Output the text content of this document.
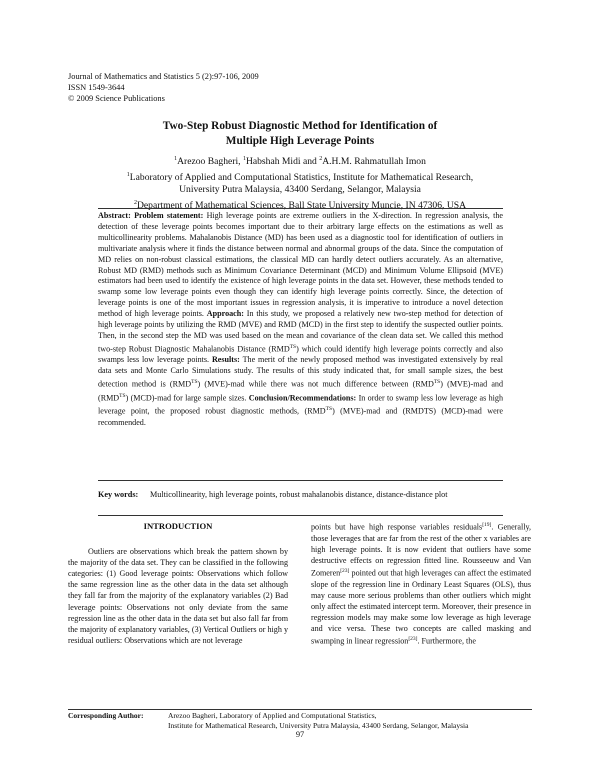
Journal of Mathematics and Statistics 5 (2):97-106, 2009
ISSN 1549-3644
© 2009 Science Publications
Two-Step Robust Diagnostic Method for Identification of
Multiple High Leverage Points
$^1$Arezoo Bagheri, $^1$Habshah Midi and $^2$A.H.M. Rahmatullah Imon
$^1$Laboratory of Applied and Computational Statistics, Institute for Mathematical Research,
University Putra Malaysia, 43400 Serdang, Selangor, Malaysia
$^2$Department of Mathematical Sciences, Ball State University Muncie, IN 47306, USA
Abstract: Problem statement: High leverage points are extreme outliers in the X-direction. In regression analysis, the detection of these leverage points becomes important due to their arbitrary large effects on the estimations as well as multicollinearity problems. Mahalanobis Distance (MD) has been used as a diagnostic tool for identification of outliers in multivariate analysis where it finds the distance between normal and abnormal groups of the data. Since the computation of MD relies on non-robust classical estimations, the classical MD can hardly detect outliers accurately. As an alternative, Robust MD (RMD) methods such as Minimum Covariance Determinant (MCD) and Minimum Volume Ellipsoid (MVE) estimators had been used to identify the existence of high leverage points in the data set. However, these methods tended to swamp some low leverage points even though they can identify high leverage points correctly. Since, the detection of leverage points is one of the most important issues in regression analysis, it is imperative to introduce a novel detection method of high leverage points. Approach: In this study, we proposed a relatively new two-step method for detection of high leverage points by utilizing the RMD (MVE) and RMD (MCD) in the first step to identify the suspected outlier points. Then, in the second step the MD was used based on the mean and covariance of the clean data set. We called this method two-step Robust Diagnostic Mahalanobis Distance $(RMD^{TS})$ which could identify high leverage points correctly and also swamps less low leverage points. Results: The merit of the newly proposed method was investigated extensively by real data sets and Monte Carlo Simulations study. The results of this study indicated that, for small sample sizes, the best detection method is $(RMD^{TS})$ (MVE)-mad while there was not much difference between $(RMD^{TS})$ (MVE)-mad and $(RMD^{TS})$ (MCD)-mad for large sample sizes. Conclusion/Recommendations: In order to swamp less low leverage as high leverage point, the proposed robust diagnostic methods, $(RMD^{TS})$ (MVE)-mad and (RMDTS) (MCD)-mad were recommended.
Key words:	Multicollinearity, high leverage points, robust mahalanobis distance, distance-distance plot
INTRODUCTION

Outliers are observations which break the pattern shown by the majority of the data set. They can be classified in the following categories: (1) Good leverage points: Observations which follow the same regression line as the other data in the data set although they fall far from the majority of the explanatory variables (2) Bad leverage points: Observations not only deviate from the same regression line as the other data in the data set but also fall far from the majority of explanatory variables, (3) Vertical Outliers or high y residual outliers: Observations which are not leverage

points but have high response variables residuals[19]. Generally, those leverages that are far from the rest of the other x variables are high leverage points. It is now evident that outliers have some destructive effects on regression fitted line. Rousseeuw and Van Zomeren[23] pointed out that high leverages can affect the estimated slope of the regression line in Ordinary Least Squares (OLS), thus may cause more serious problems than other outliers which might only affect the estimated intercept term. Moreover, their presence in regression models may make some low leverage as high leverage and vice versa. These two concepts are called masking and swamping in linear regression[23]. Furthermore, the
Corresponding Author:	Arezoo Bagheri, Laboratory of Applied and Computational Statistics,
Institute for Mathematical Research, University Putra Malaysia, 43400 Serdang, Selangor, Malaysia
97
